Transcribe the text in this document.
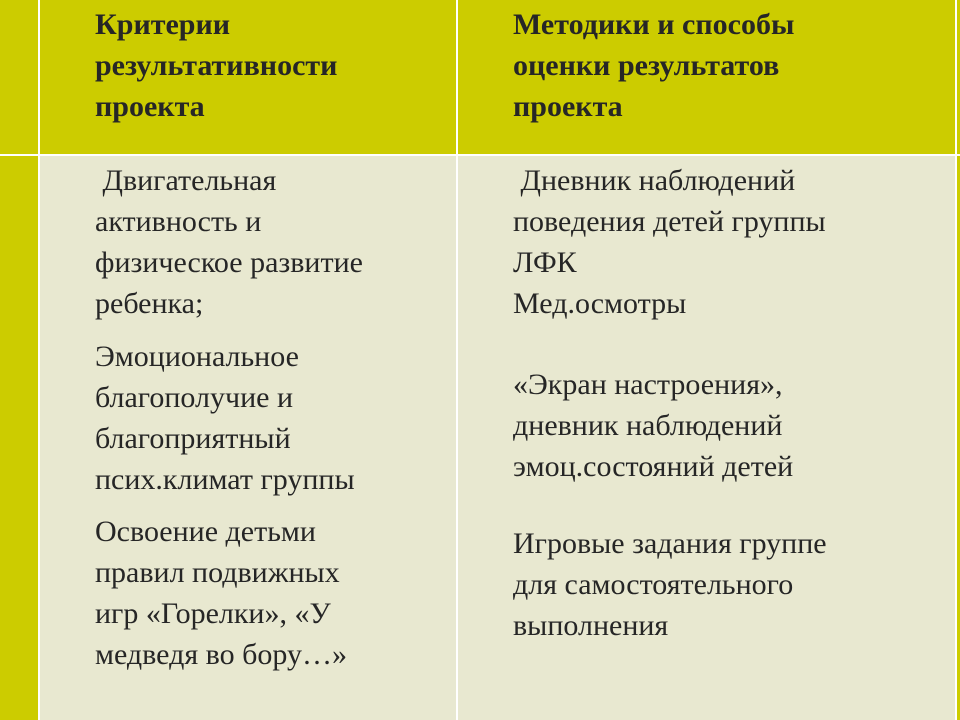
Критерии
результативности
проекта
Методики и способы
оценки результатов
проекта
Двигательная
активность и
физическое развитие
ребенка;
Эмоциональное
благополучие и
благоприятный
псих.климат группы
Освоение детьми
правил подвижных
игр «Горелки», «У
медведя во бору…»
Дневник наблюдений
поведения детей группы
ЛФК
Мед.осмотры
«Экран настроения»,
дневник наблюдений
эмоц.состояний детей
Игровые задания группе
для самостоятельного
выполнения
